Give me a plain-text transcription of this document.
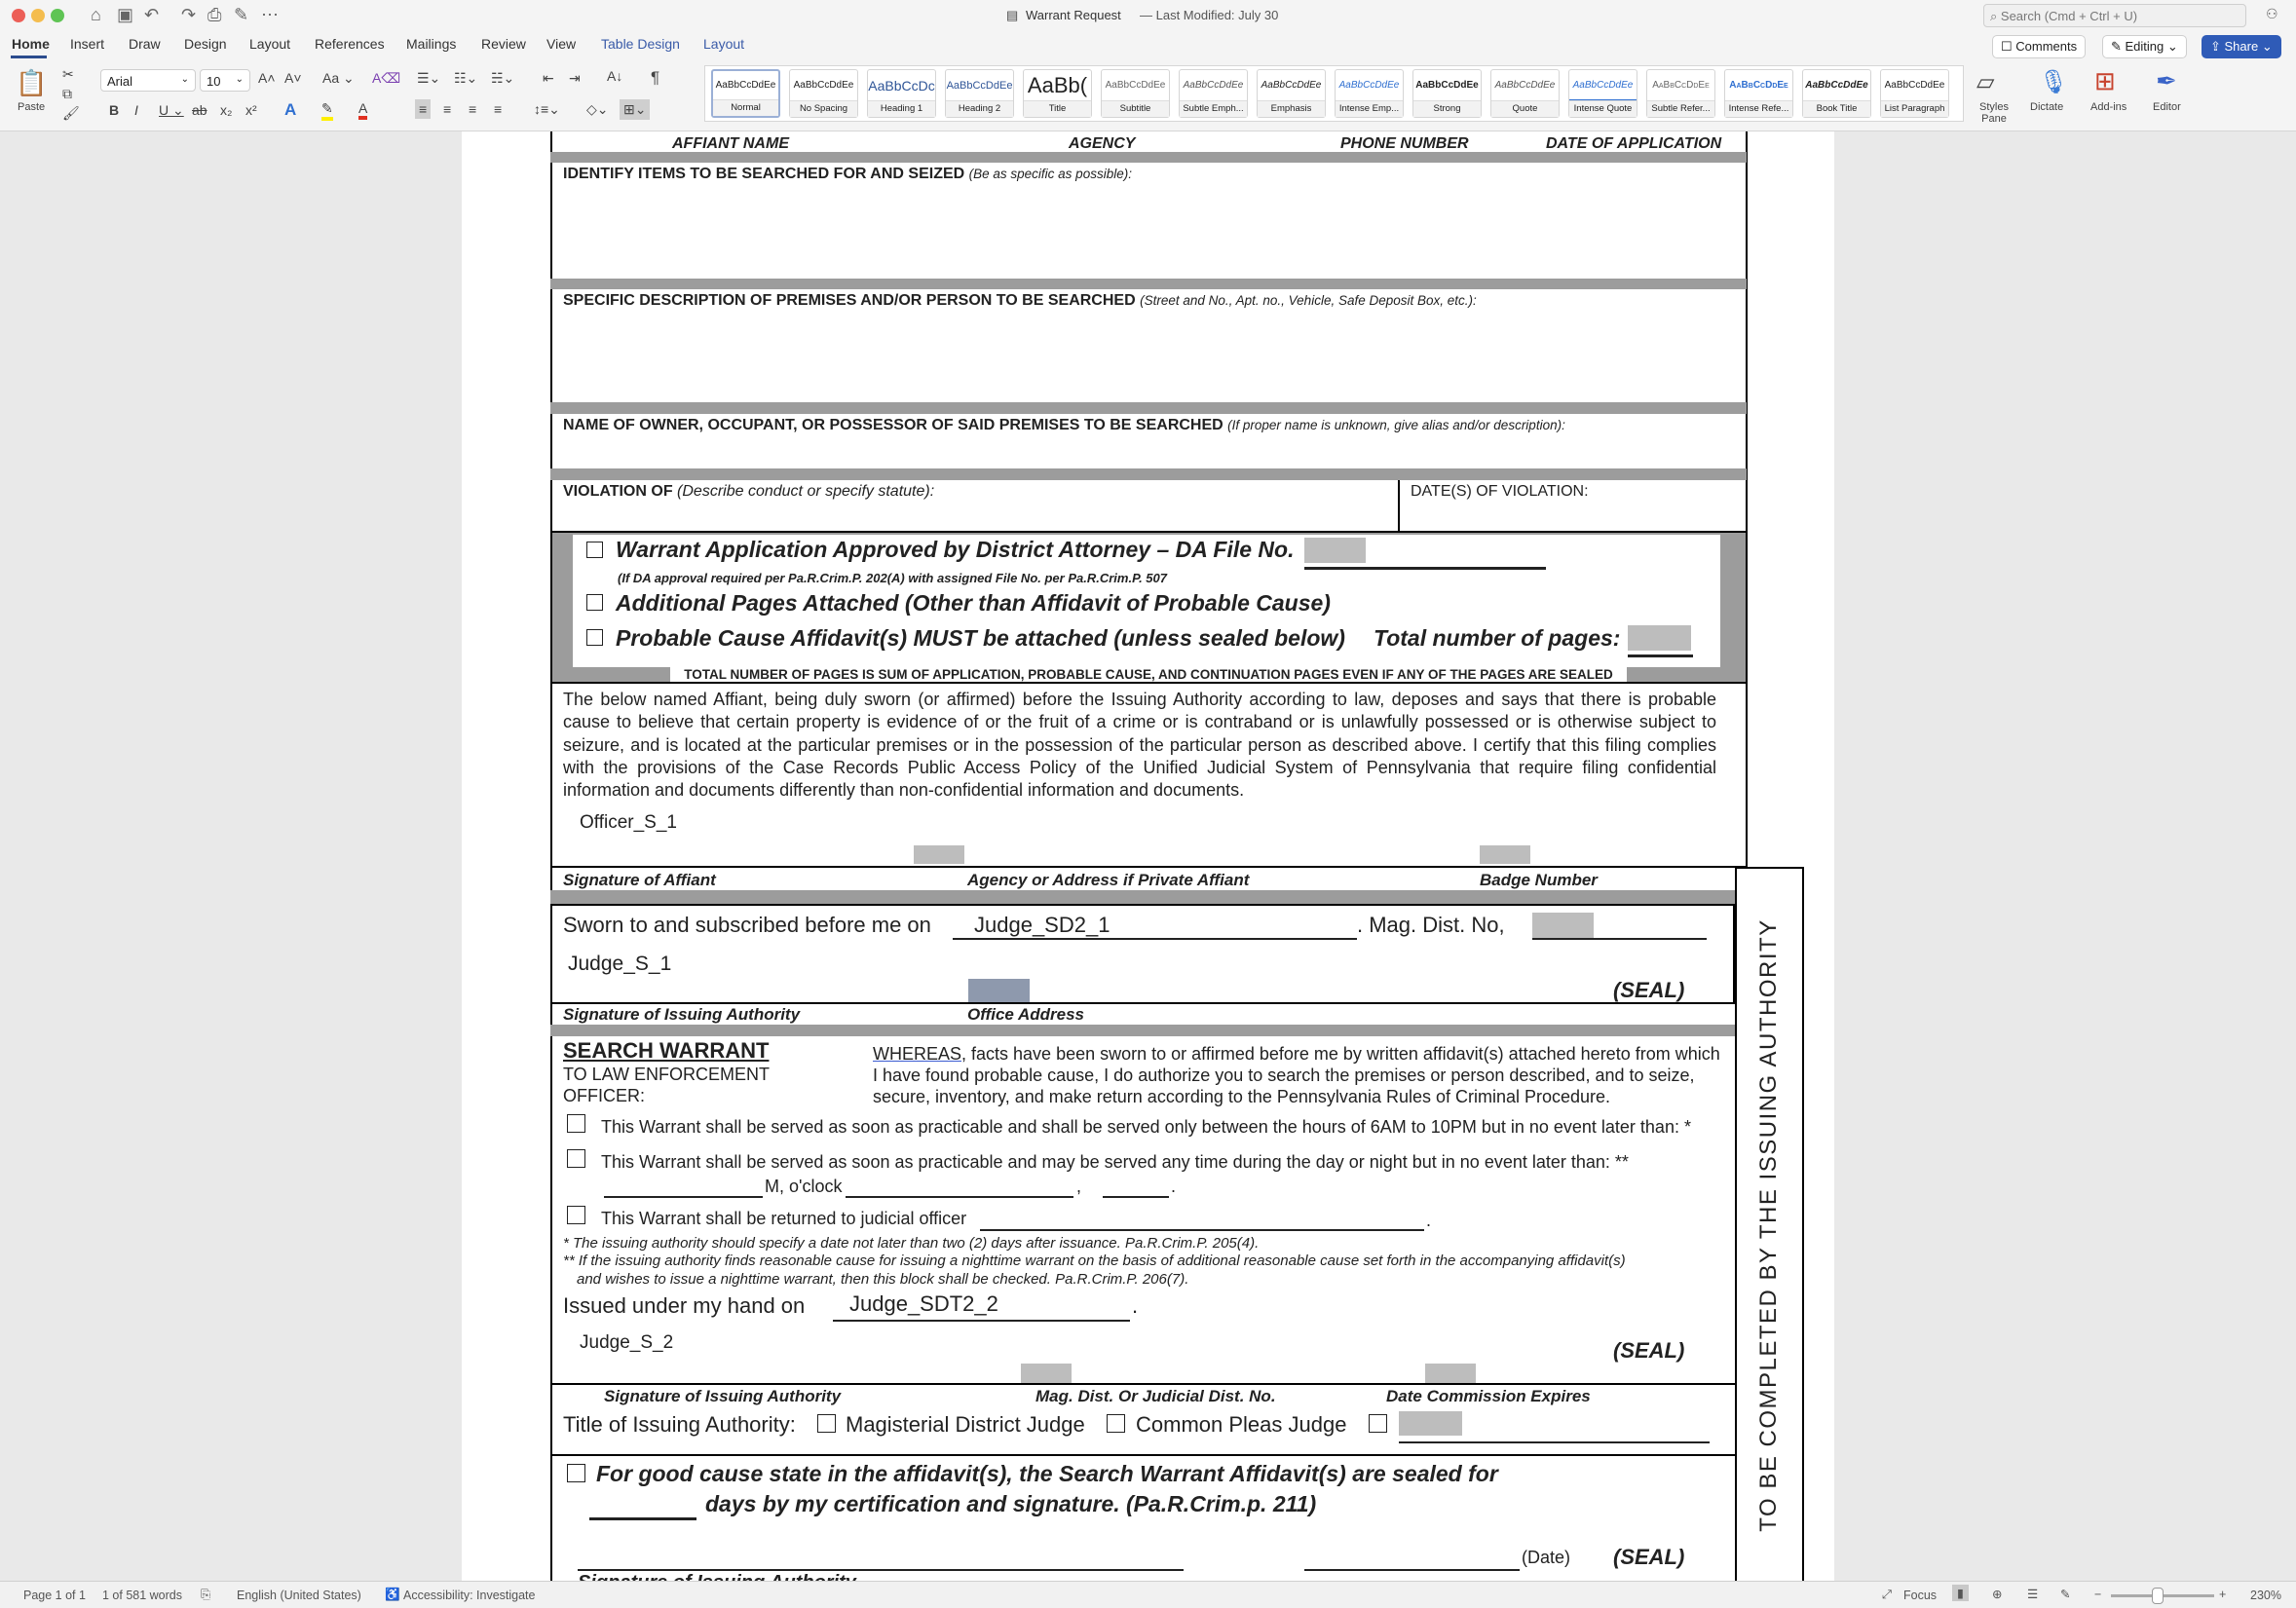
⌂ ▣ ↶ ↷ ⎙ ✎ ⋯	▤ Warrant Request — Last Modified: July 30	⌕ Search (Cmd + Ctrl + U)	⚇
Home Insert Draw Design Layout References Mailings Review View Table Design Layout	☐ Comments	✎ Editing ⌄	⇪ Share ⌄
📋
Paste
✂
⧉
🖌
Arial	⌄	10 ⌄ A˄ A˅ Aa ⌄ A⌫
B I U ⌄ ab x₂ x² A ✎ A
☰⌄ ☷⌄ ☵⌄ ⇤ ⇥ A↓ ¶
≡ ≡ ≡ ≡ ↕≡⌄ ◇⌄ ⊞⌄
AaBbCcDdEe
Normal
AaBbCcDdEe
No Spacing
AaBbCcDc
Heading 1
AaBbCcDdEe
Heading 2
AaBb(
Title
AaBbCcDdEe
Subtitle
AaBbCcDdEe
Subtle Emph...
AaBbCcDdEe
Emphasis
AaBbCcDdEe
Intense Emp...
AaBbCcDdEe
Strong
AaBbCcDdEe
Quote
AaBbCcDdEe
Intense Quote
AaBbCcDdEe
Subtle Refer...
AaBbCcDdEe
Intense Refe...
AaBbCcDdEe
Book Title
AaBbCcDdEe
List Paragraph
▱
Styles Pane
🎙
Dictate
⊞
Add-ins
✒
Editor
AFFIANT NAME	AGENCY	PHONE NUMBER	DATE OF APPLICATION
IDENTIFY ITEMS TO BE SEARCHED FOR AND SEIZED (Be as specific as possible):
SPECIFIC DESCRIPTION OF PREMISES AND/OR PERSON TO BE SEARCHED (Street and No., Apt. no., Vehicle, Safe Deposit Box, etc.):
NAME OF OWNER, OCCUPANT, OR POSSESSOR OF SAID PREMISES TO BE SEARCHED (If proper name is unknown, give alias and/or description):
VIOLATION OF (Describe conduct or specify statute):	DATE(S) OF VIOLATION:
Warrant Application Approved by District Attorney – DA File No.
(If DA approval required per Pa.R.Crim.P. 202(A) with assigned File No. per Pa.R.Crim.P. 507
Additional Pages Attached (Other than Affidavit of Probable Cause)
Probable Cause Affidavit(s) MUST be attached (unless sealed below) Total number of pages:
TOTAL NUMBER OF PAGES IS SUM OF APPLICATION, PROBABLE CAUSE, AND CONTINUATION PAGES EVEN IF ANY OF THE PAGES ARE SEALED
The below named Affiant, being duly sworn (or affirmed) before the Issuing Authority according to law, deposes and says that there is probable cause to believe that certain property is evidence of or the fruit of a crime or is contraband or is unlawfully possessed or is otherwise subject to seizure, and is located at the particular premises or in the possession of the particular person as described above. I certify that this filing complies with the provisions of the Case Records Public Access Policy of the Unified Judicial System of Pennsylvania that require filing confidential information and documents differently than non-confidential information and documents.
Officer_S_1
Signature of Affiant	Agency or Address if Private Affiant	Badge Number
Sworn to and subscribed before me on Judge_SD2_1	. Mag. Dist. No,
Judge_S_1
(SEAL)
Signature of Issuing Authority	Office Address
SEARCH WARRANT
TO LAW ENFORCEMENT
OFFICER:
WHEREAS, facts have been sworn to or affirmed before me by written affidavit(s) attached hereto from which I have found probable cause, I do authorize you to search the premises or person described, and to seize, secure, inventory, and make return according to the Pennsylvania Rules of Criminal Procedure.
This Warrant shall be served as soon as practicable and shall be served only between the hours of 6AM to 10PM but in no event later than: *
This Warrant shall be served as soon as practicable and may be served any time during the day or night but in no event later than: **
M, o'clock	,	.
This Warrant shall be returned to judicial officer	.
* The issuing authority should specify a date not later than two (2) days after issuance. Pa.R.Crim.P. 205(4).
** If the issuing authority finds reasonable cause for issuing a nighttime warrant on the basis of additional reasonable cause set forth in the accompanying affidavit(s)
and wishes to issue a nighttime warrant, then this block shall be checked. Pa.R.Crim.P. 206(7).
Issued under my hand on Judge_SDT2_2	.
Judge_S_2	(SEAL)
Signature of Issuing Authority	Mag. Dist. Or Judicial Dist. No.	Date Commission Expires
Title of Issuing Authority: Magisterial District Judge Common Pleas Judge
For good cause state in the affidavit(s), the Search Warrant Affidavit(s) are sealed for
days by my certification and signature. (Pa.R.Crim.p. 211)
(Date) (SEAL)
TO BE COMPLETED BY THE ISSUING AUTHORITY
Page 1 of 1 1 of 581 words ⎘ English (United States) ♿ Accessibility: Investigate	⤢ Focus	▮	⊕ ☰ ✎ −	+ 230%
